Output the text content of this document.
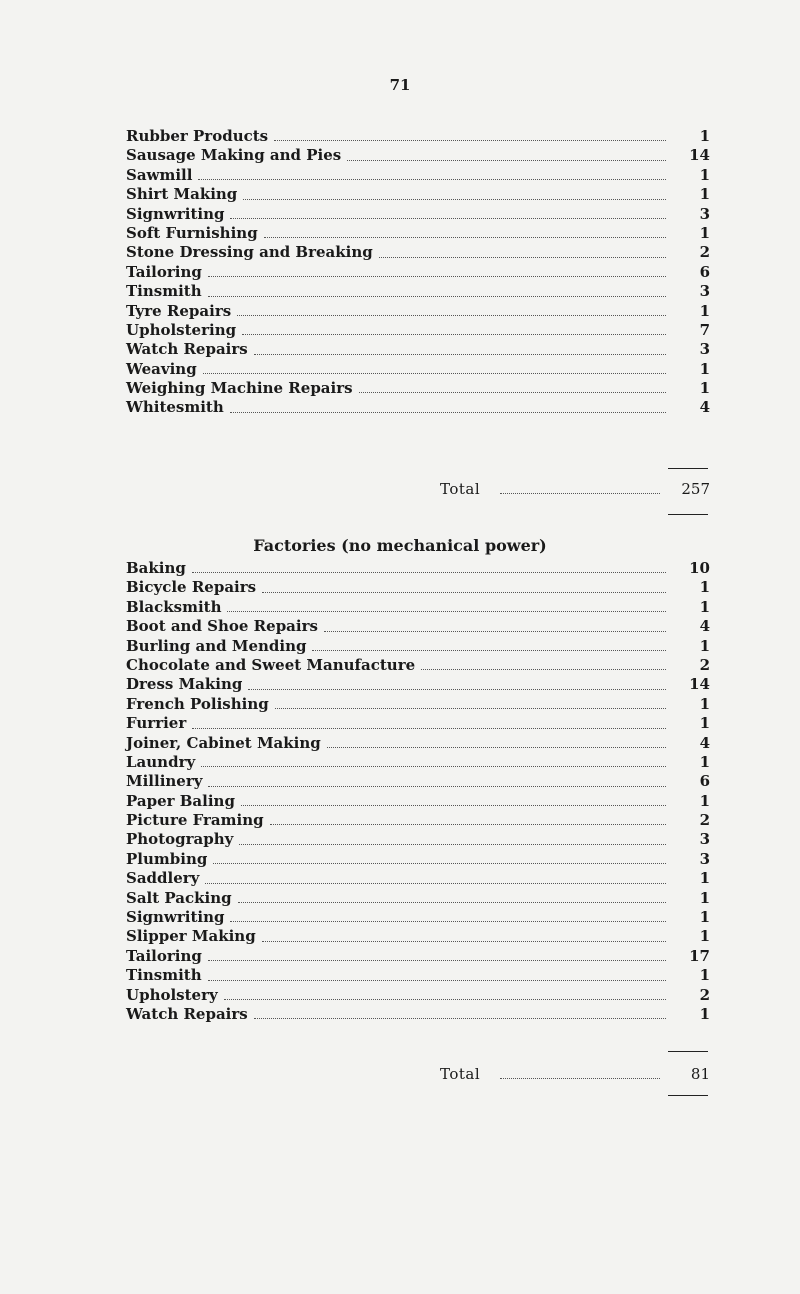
71
Rubber Products	1
Sausage Making and Pies	14
Sawmill	1
Shirt Making	1
Signwriting	3
Soft Furnishing	1
Stone Dressing and Breaking	2
Tailoring	6
Tinsmith	3
Tyre Repairs	1
Upholstering	7
Watch Repairs	3
Weaving	1
Weighing Machine Repairs	1
Whitesmith	4
Total	257
Factories (no mechanical power)
Baking	10
Bicycle Repairs	1
Blacksmith	1
Boot and Shoe Repairs	4
Burling and Mending	1
Chocolate and Sweet Manufacture	2
Dress Making	14
French Polishing	1
Furrier	1
Joiner, Cabinet Making	4
Laundry	1
Millinery	6
Paper Baling	1
Picture Framing	2
Photography	3
Plumbing	3
Saddlery	1
Salt Packing	1
Signwriting	1
Slipper Making	1
Tailoring	17
Tinsmith	1
Upholstery	2
Watch Repairs	1
Total	81
